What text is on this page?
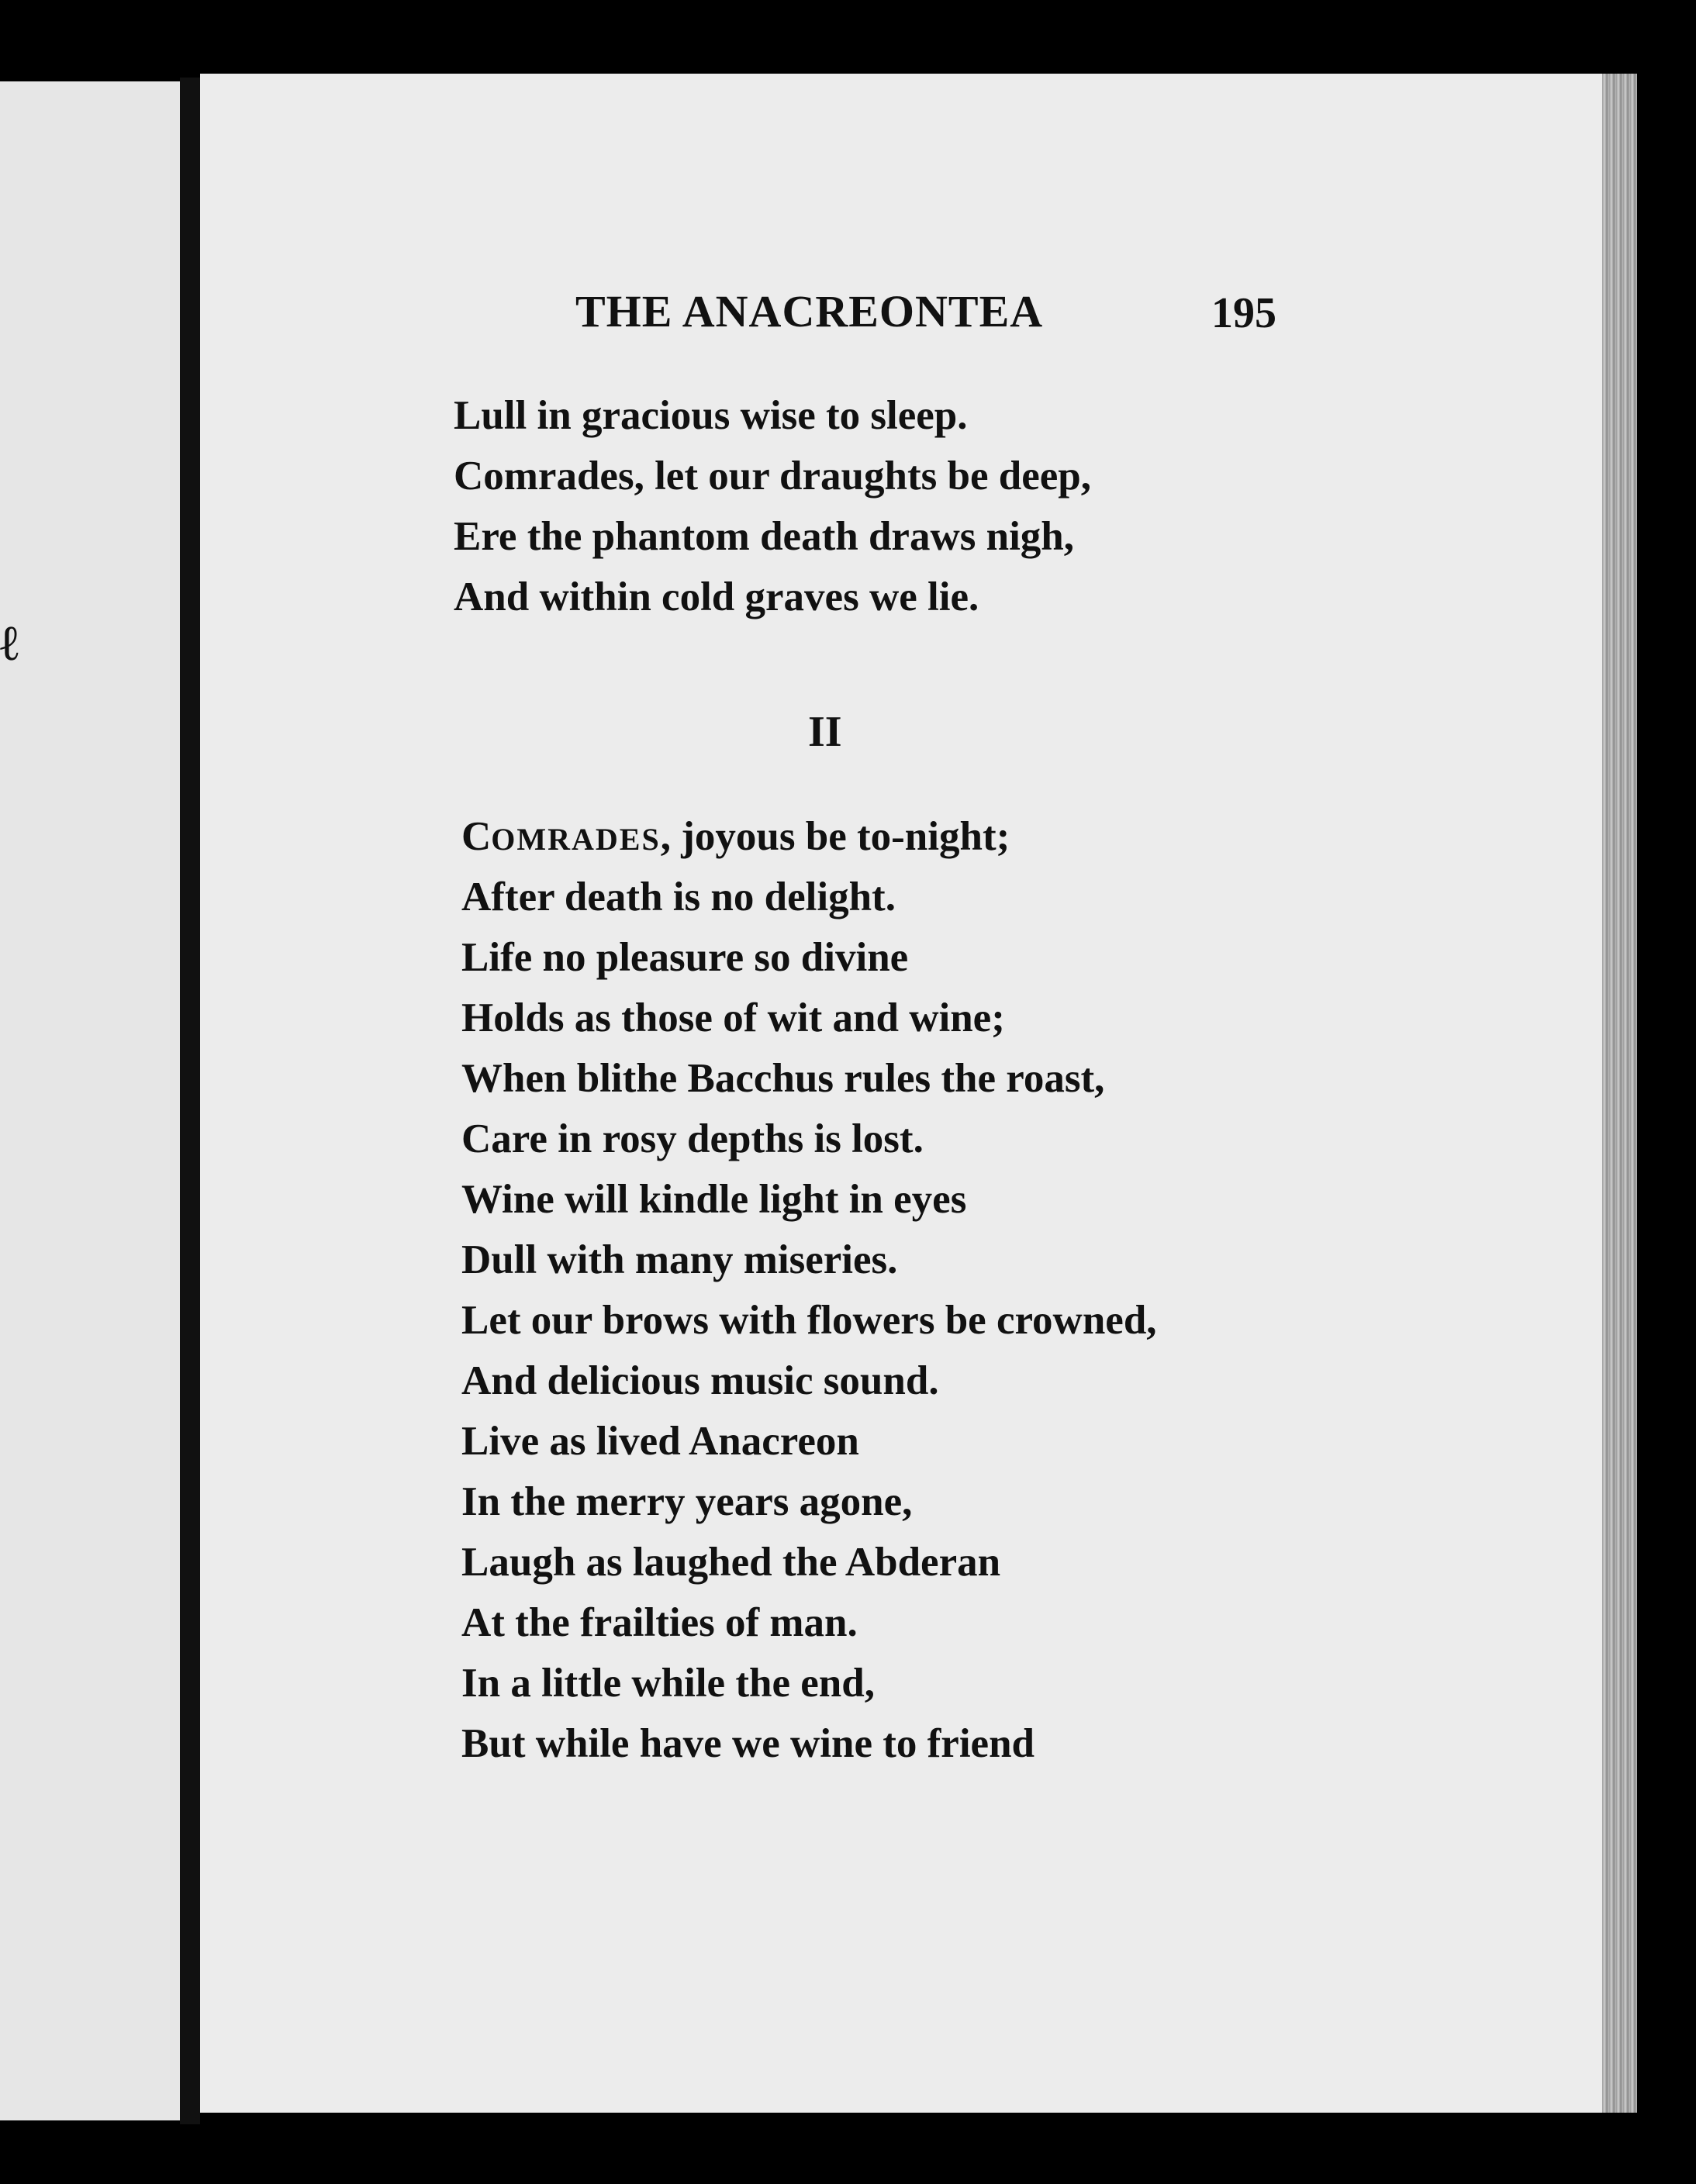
ℓ
THE ANACREONTEA	195
Lull in gracious wise to sleep.
Comrades, let our draughts be deep,
Ere the phantom death draws nigh,
And within cold graves we lie.
II
COMRADES, joyous be to-night;
After death is no delight.
Life no pleasure so divine
Holds as those of wit and wine;
When blithe Bacchus rules the roast,
Care in rosy depths is lost.
Wine will kindle light in eyes
Dull with many miseries.
Let our brows with flowers be crowned,
And delicious music sound.
Live as lived Anacreon
In the merry years agone,
Laugh as laughed the Abderan
At the frailties of man.
In a little while the end,
But while have we wine to friend
